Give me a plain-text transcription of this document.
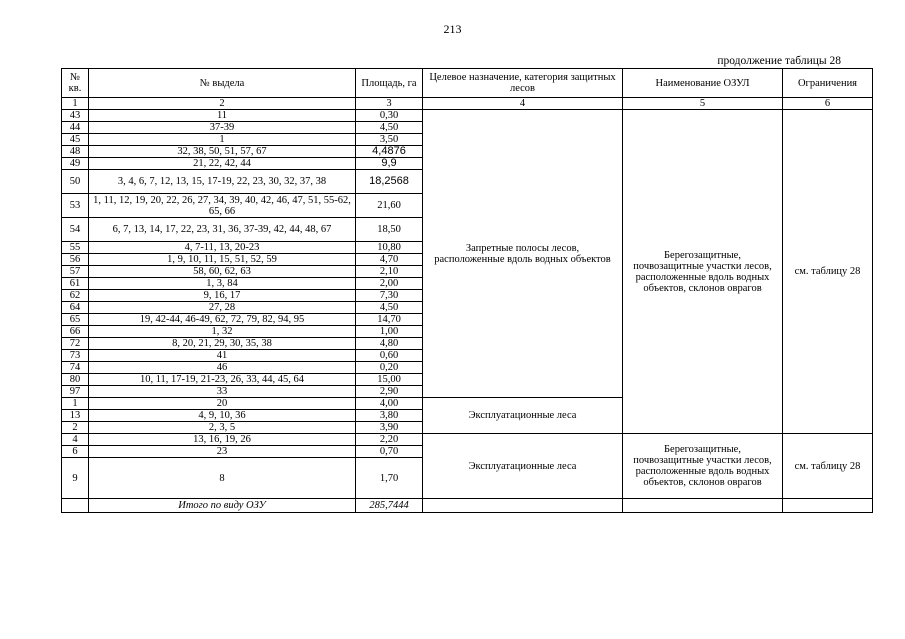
213
продолжение таблицы 28
№ кв.	№ выдела	Площадь, га	Целевое назначение, категория защитных лесов	Наименование ОЗУЛ	Ограничения
1	2	3	4	5	6
43	11	0,30	Запретные полосы лесов, расположенные вдоль водных объектов	Берегозащитные, почвозащитные участки лесов, расположенные вдоль водных объектов, склонов оврагов	см. таблицу 28
44	37-39	4,50			
45	1	3,50			
48	32, 38, 50, 51, 57, 67	4,4876			
49	21, 22, 42, 44	9,9			
50	3, 4, 6, 7, 12, 13, 15, 17-19, 22, 23, 30, 32, 37, 38	18,2568			
53	1, 11, 12, 19, 20, 22, 26, 27, 34, 39, 40, 42, 46, 47, 51, 55-62, 65, 66	21,60			
54	6, 7, 13, 14, 17, 22, 23, 31, 36, 37-39, 42, 44, 48, 67	18,50			
55	4, 7-11, 13, 20-23	10,80			
56	1, 9, 10, 11, 15, 51, 52, 59	4,70			
57	58, 60, 62, 63	2,10			
61	1, 3, 84	2,00			
62	9, 16, 17	7,30			
64	27, 28	4,50			
65	19, 42-44, 46-49, 62, 72, 79, 82, 94, 95	14,70			
66	1, 32	1,00			
72	8, 20, 21, 29, 30, 35, 38	4,80			
73	41	0,60			
74	46	0,20			
80	10, 11, 17-19, 21-23, 26, 33, 44, 45, 64	15,00			
97	33	2,90			
1	20	4,00	Эксплуатационные леса		
13	4, 9, 10, 36	3,80			
2	2, 3, 5	3,90			
4	13, 16, 19, 26	2,20	Эксплуатационные леса	Берегозащитные, почвозащитные участки лесов, расположенные вдоль водных объектов, склонов оврагов	см. таблицу 28
6	23	0,70			
9	8	1,70			
	Итого по виду ОЗУ	285,7444			
